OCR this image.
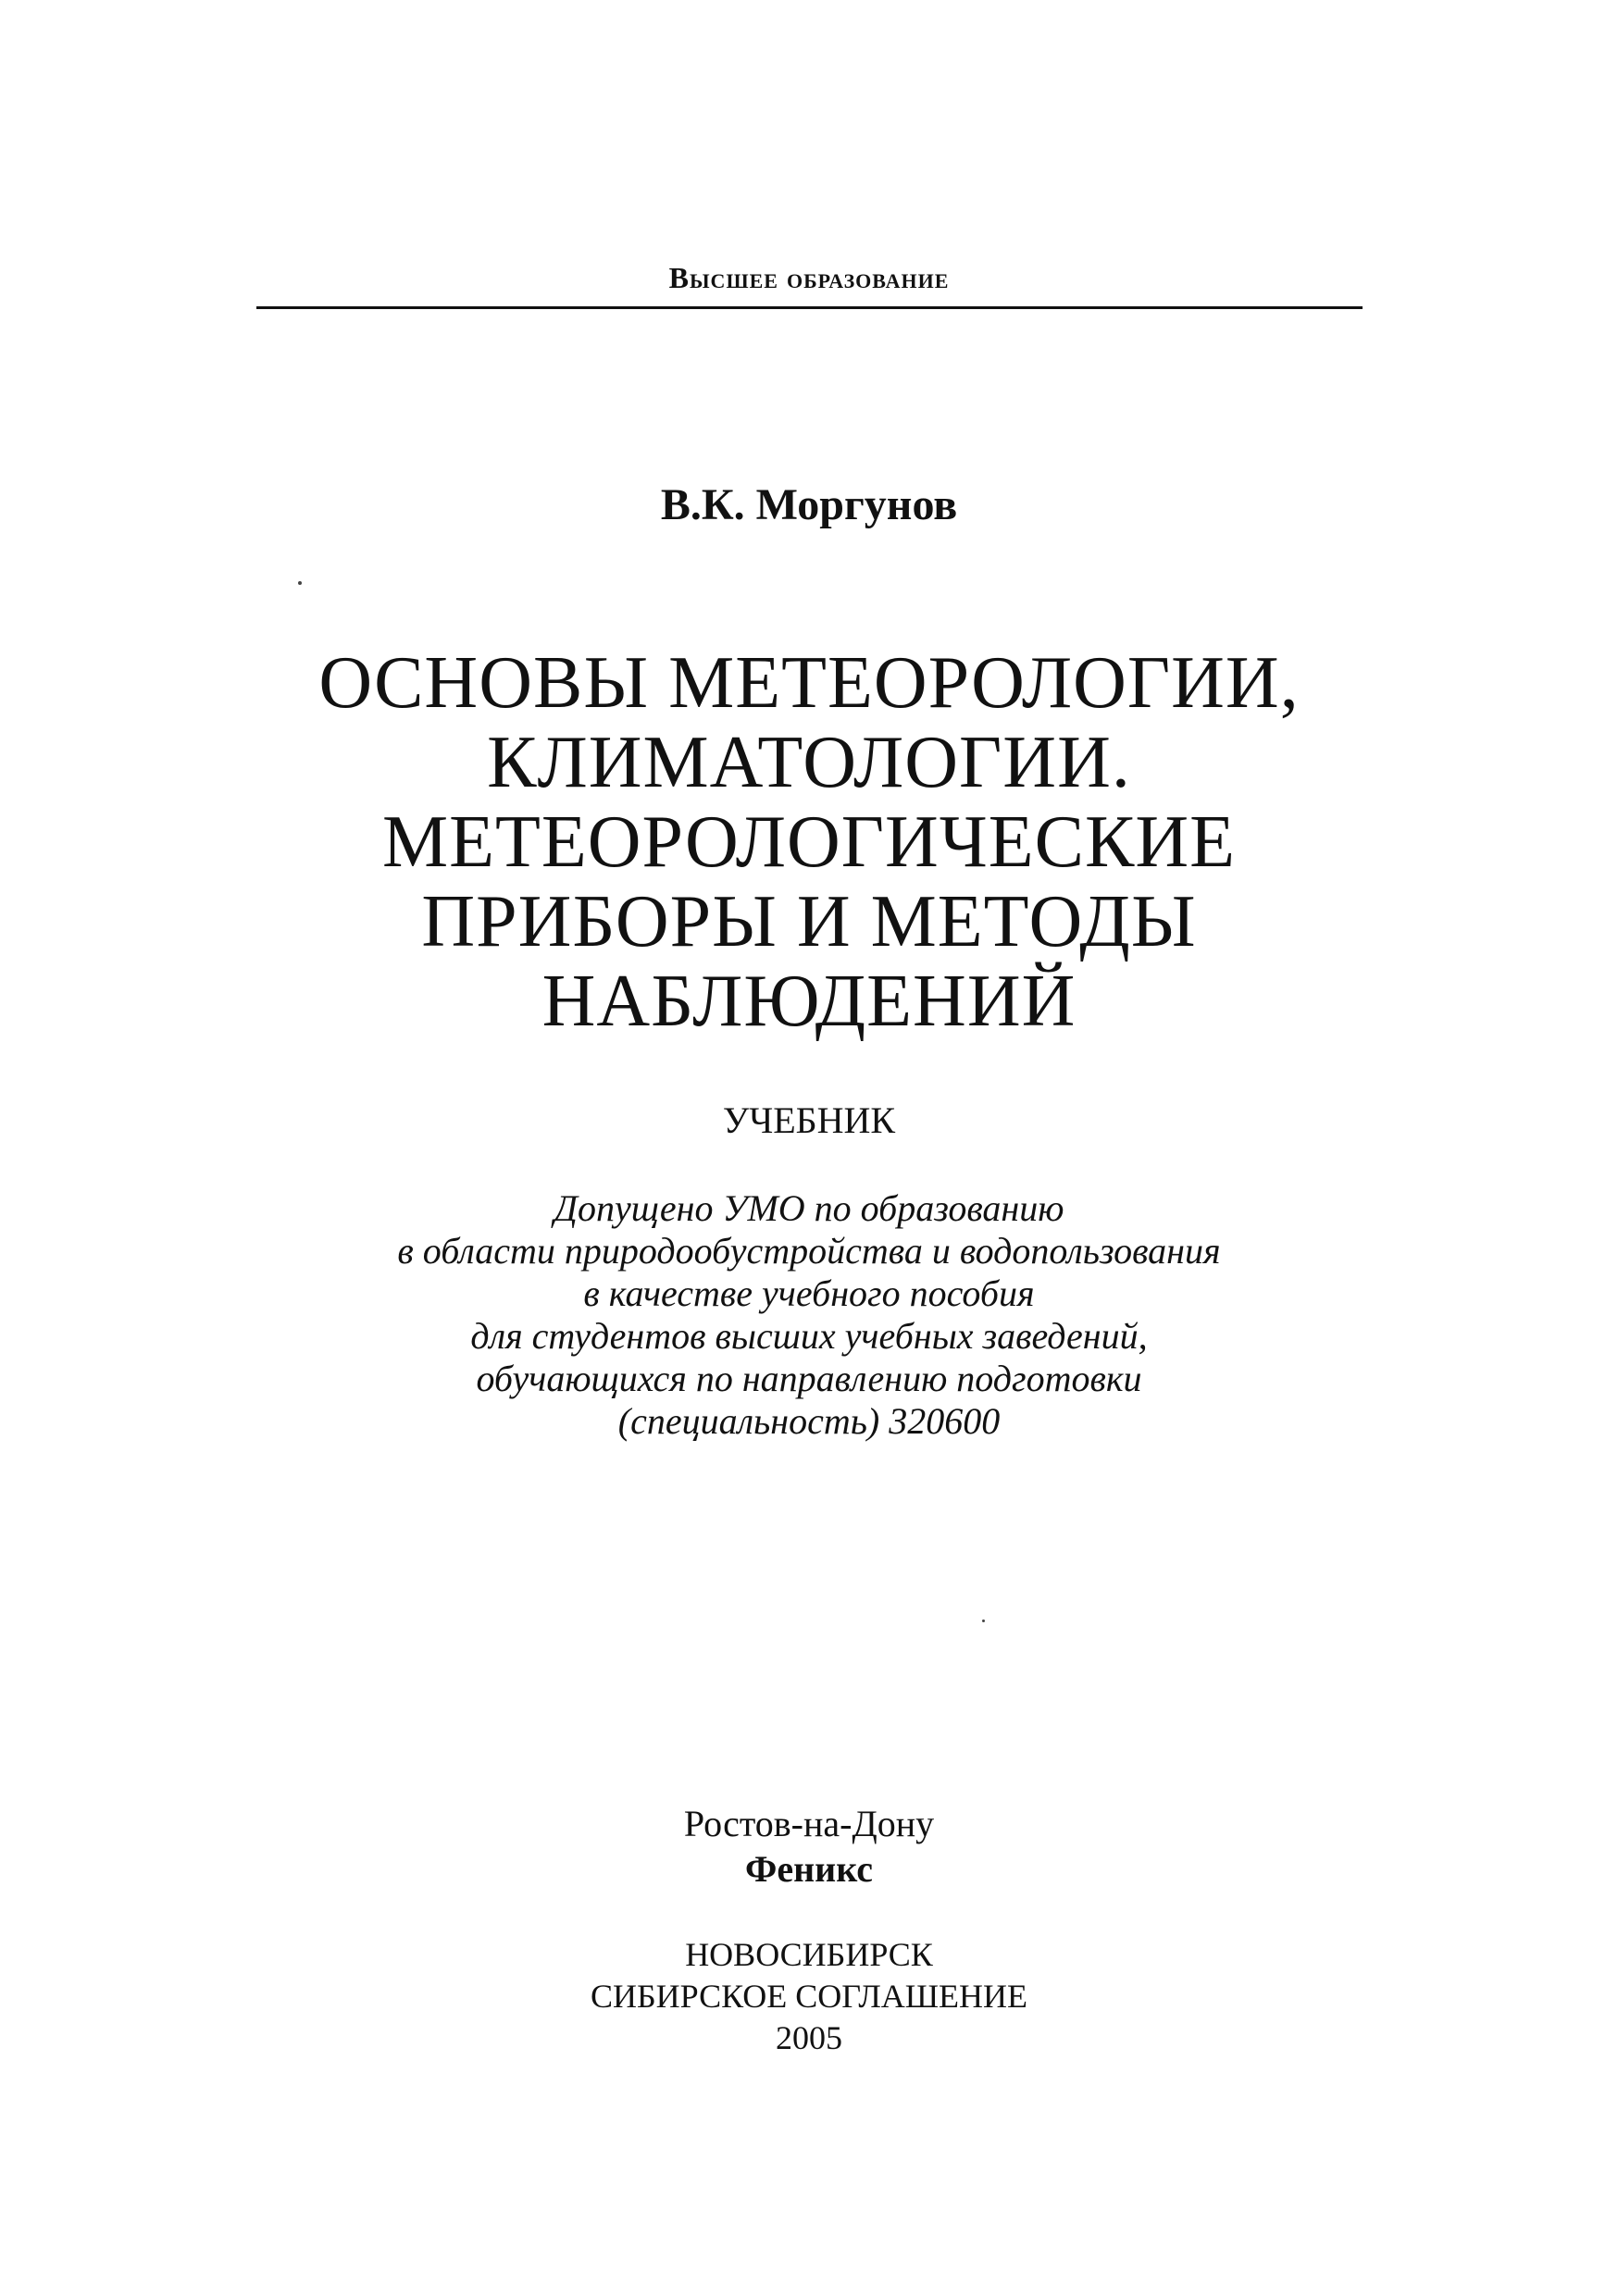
Высшее образование
В.К. Моргунов
ОСНОВЫ МЕТЕОРОЛОГИИ,
КЛИМАТОЛОГИИ.
МЕТЕОРОЛОГИЧЕСКИЕ
ПРИБОРЫ И МЕТОДЫ
НАБЛЮДЕНИЙ
УЧЕБНИК
Допущено УМО по образованию
в области природообустройства и водопользования
в качестве учебного пособия
для студентов высших учебных заведений,
обучающихся по направлению подготовки
(специальность) 320600
Ростов-на-Дону
Феникс
НОВОСИБИРСК
СИБИРСКОЕ СОГЛАШЕНИЕ
2005
